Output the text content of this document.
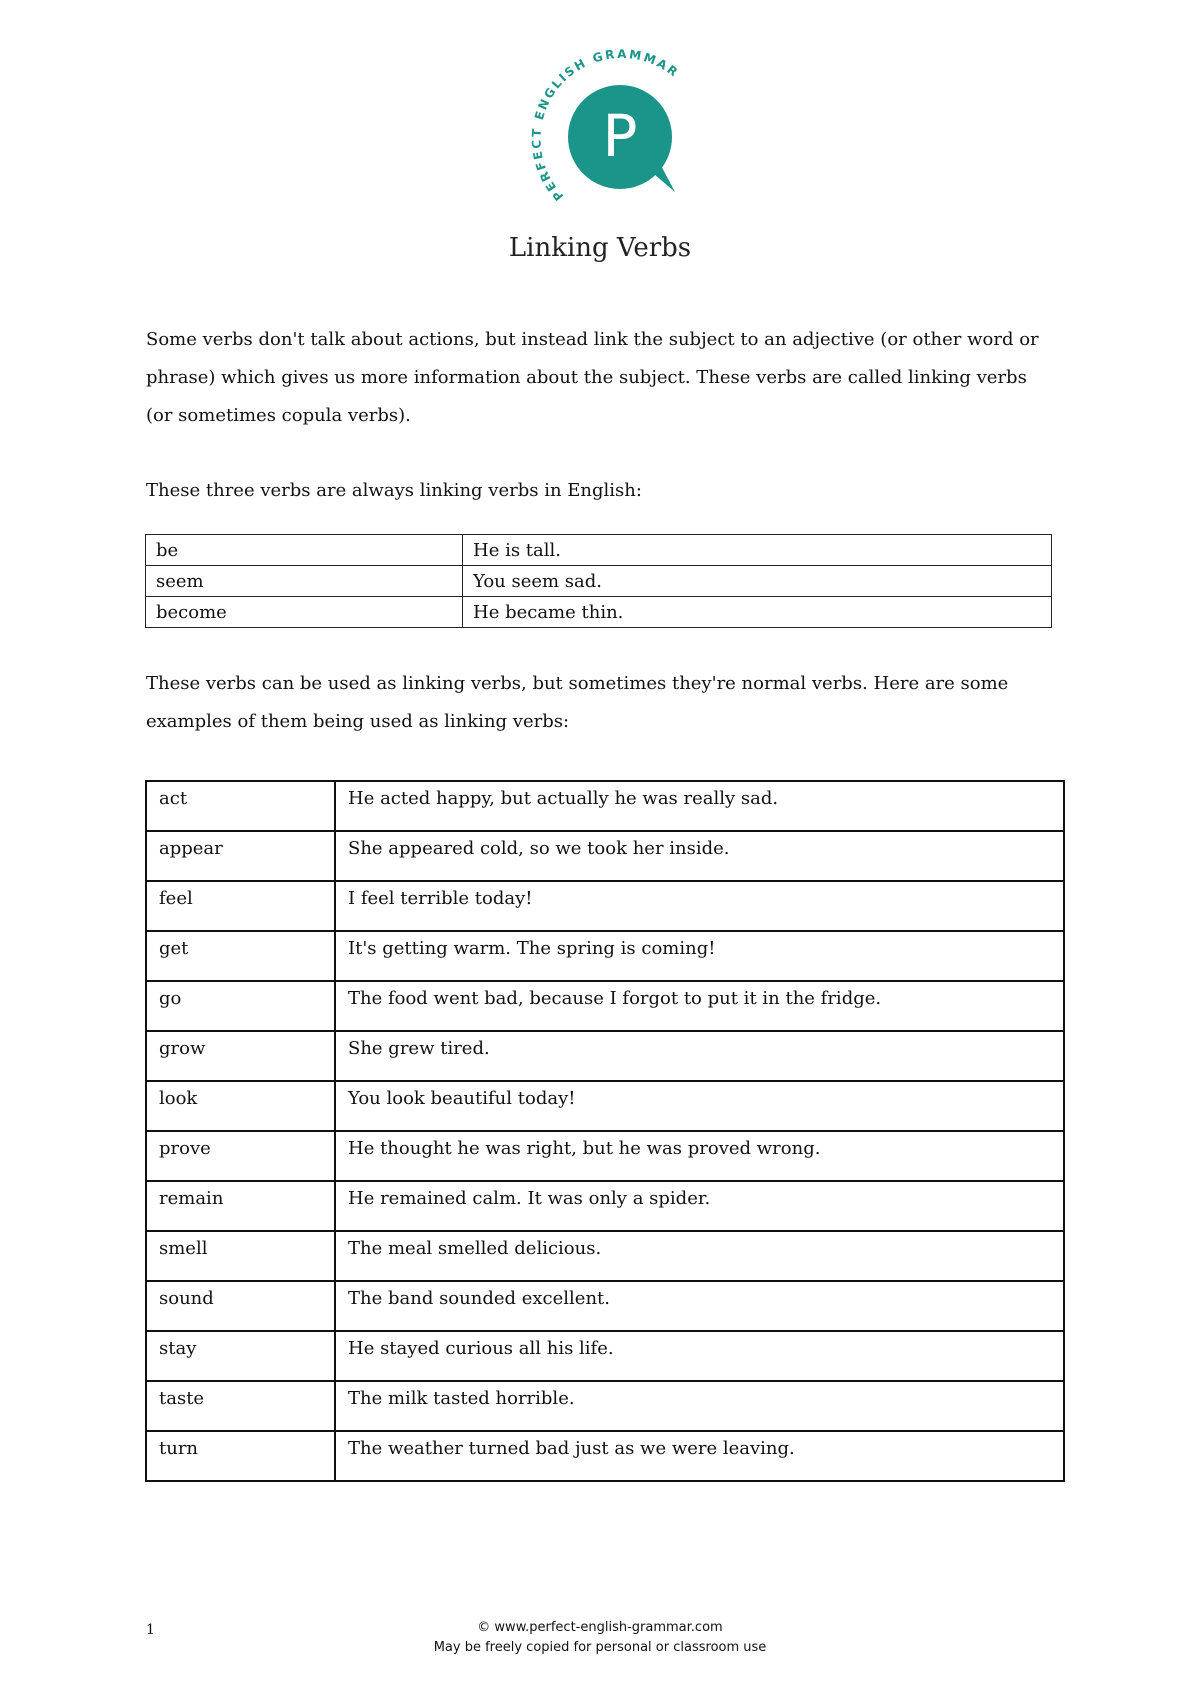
PERFECT ENGLISH GRAMMAR
P
Linking Verbs

Some verbs don't talk about actions, but instead link the subject to an adjective (or other word or phrase) which gives us more information about the subject. These verbs are called linking verbs (or sometimes copula verbs).

These three verbs are always linking verbs in English:

be	He is tall.
seem	You seem sad.
become	He became thin.

These verbs can be used as linking verbs, but sometimes they're normal verbs. Here are some examples of them being used as linking verbs:

act	He acted happy, but actually he was really sad.
appear	She appeared cold, so we took her inside.
feel	I feel terrible today!
get	It's getting warm. The spring is coming!
go	The food went bad, because I forgot to put it in the fridge.
grow	She grew tired.
look	You look beautiful today!
prove	He thought he was right, but he was proved wrong.
remain	He remained calm. It was only a spider.
smell	The meal smelled delicious.
sound	The band sounded excellent.
stay	He stayed curious all his life.
taste	The milk tasted horrible.
turn	The weather turned bad just as we were leaving.
1	© www.perfect-english-grammar.com
May be freely copied for personal or classroom use
